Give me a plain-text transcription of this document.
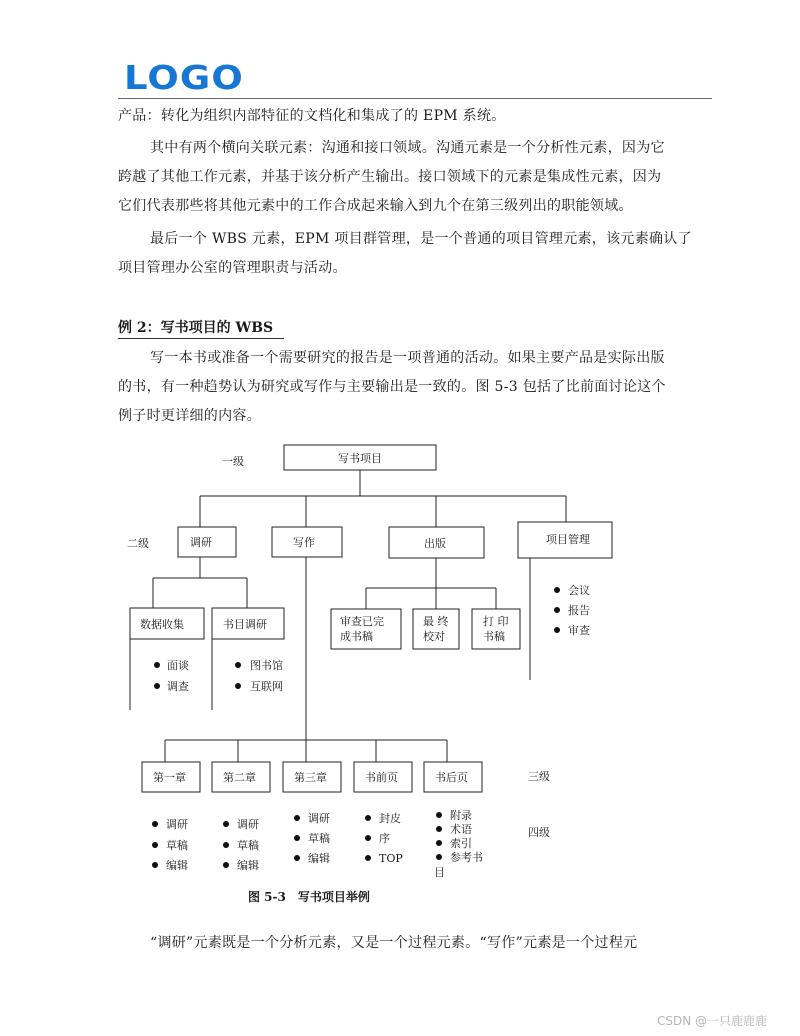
LOGO
产品：转化为组织内部特征的文档化和集成了的 EPM 系统。
其中有两个横向关联元素：沟通和接口领域。沟通元素是一个分析性元素，因为它
跨越了其他工作元素，并基于该分析产生输出。接口领域下的元素是集成性元素，因为
它们代表那些将其他元素中的工作合成起来输入到九个在第三级列出的职能领域。
最后一个 WBS 元素，EPM 项目群管理，是一个普通的项目管理元素，该元素确认了
项目管理办公室的管理职责与活动。
例 2：写书项目的 WBS
写一本书或准备一个需要研究的报告是一项普通的活动。如果主要产品是实际出版
的书，有一种趋势认为研究或写作与主要输出是一致的。图 5-3 包括了比前面讨论这个
例子时更详细的内容。
一级
二级
三级
四级
写书项目
调研	写作	出版	项目管理
数据收集	书目调研	审查已完
成书稿
最 终
校对
打 印
书稿
第一章	第二章	第三章	书前页	书后页
面谈
调查
图书馆
互联网
会议
报告
审查
调研
草稿
编辑
调研
草稿
编辑
调研
草稿
编辑
封皮
序
TOP
附录
术语
索引
参考书
目
图 5-3　写书项目举例
“调研”元素既是一个分析元素，又是一个过程元素。“写作”元素是一个过程元
CSDN @一只鹿鹿鹿
